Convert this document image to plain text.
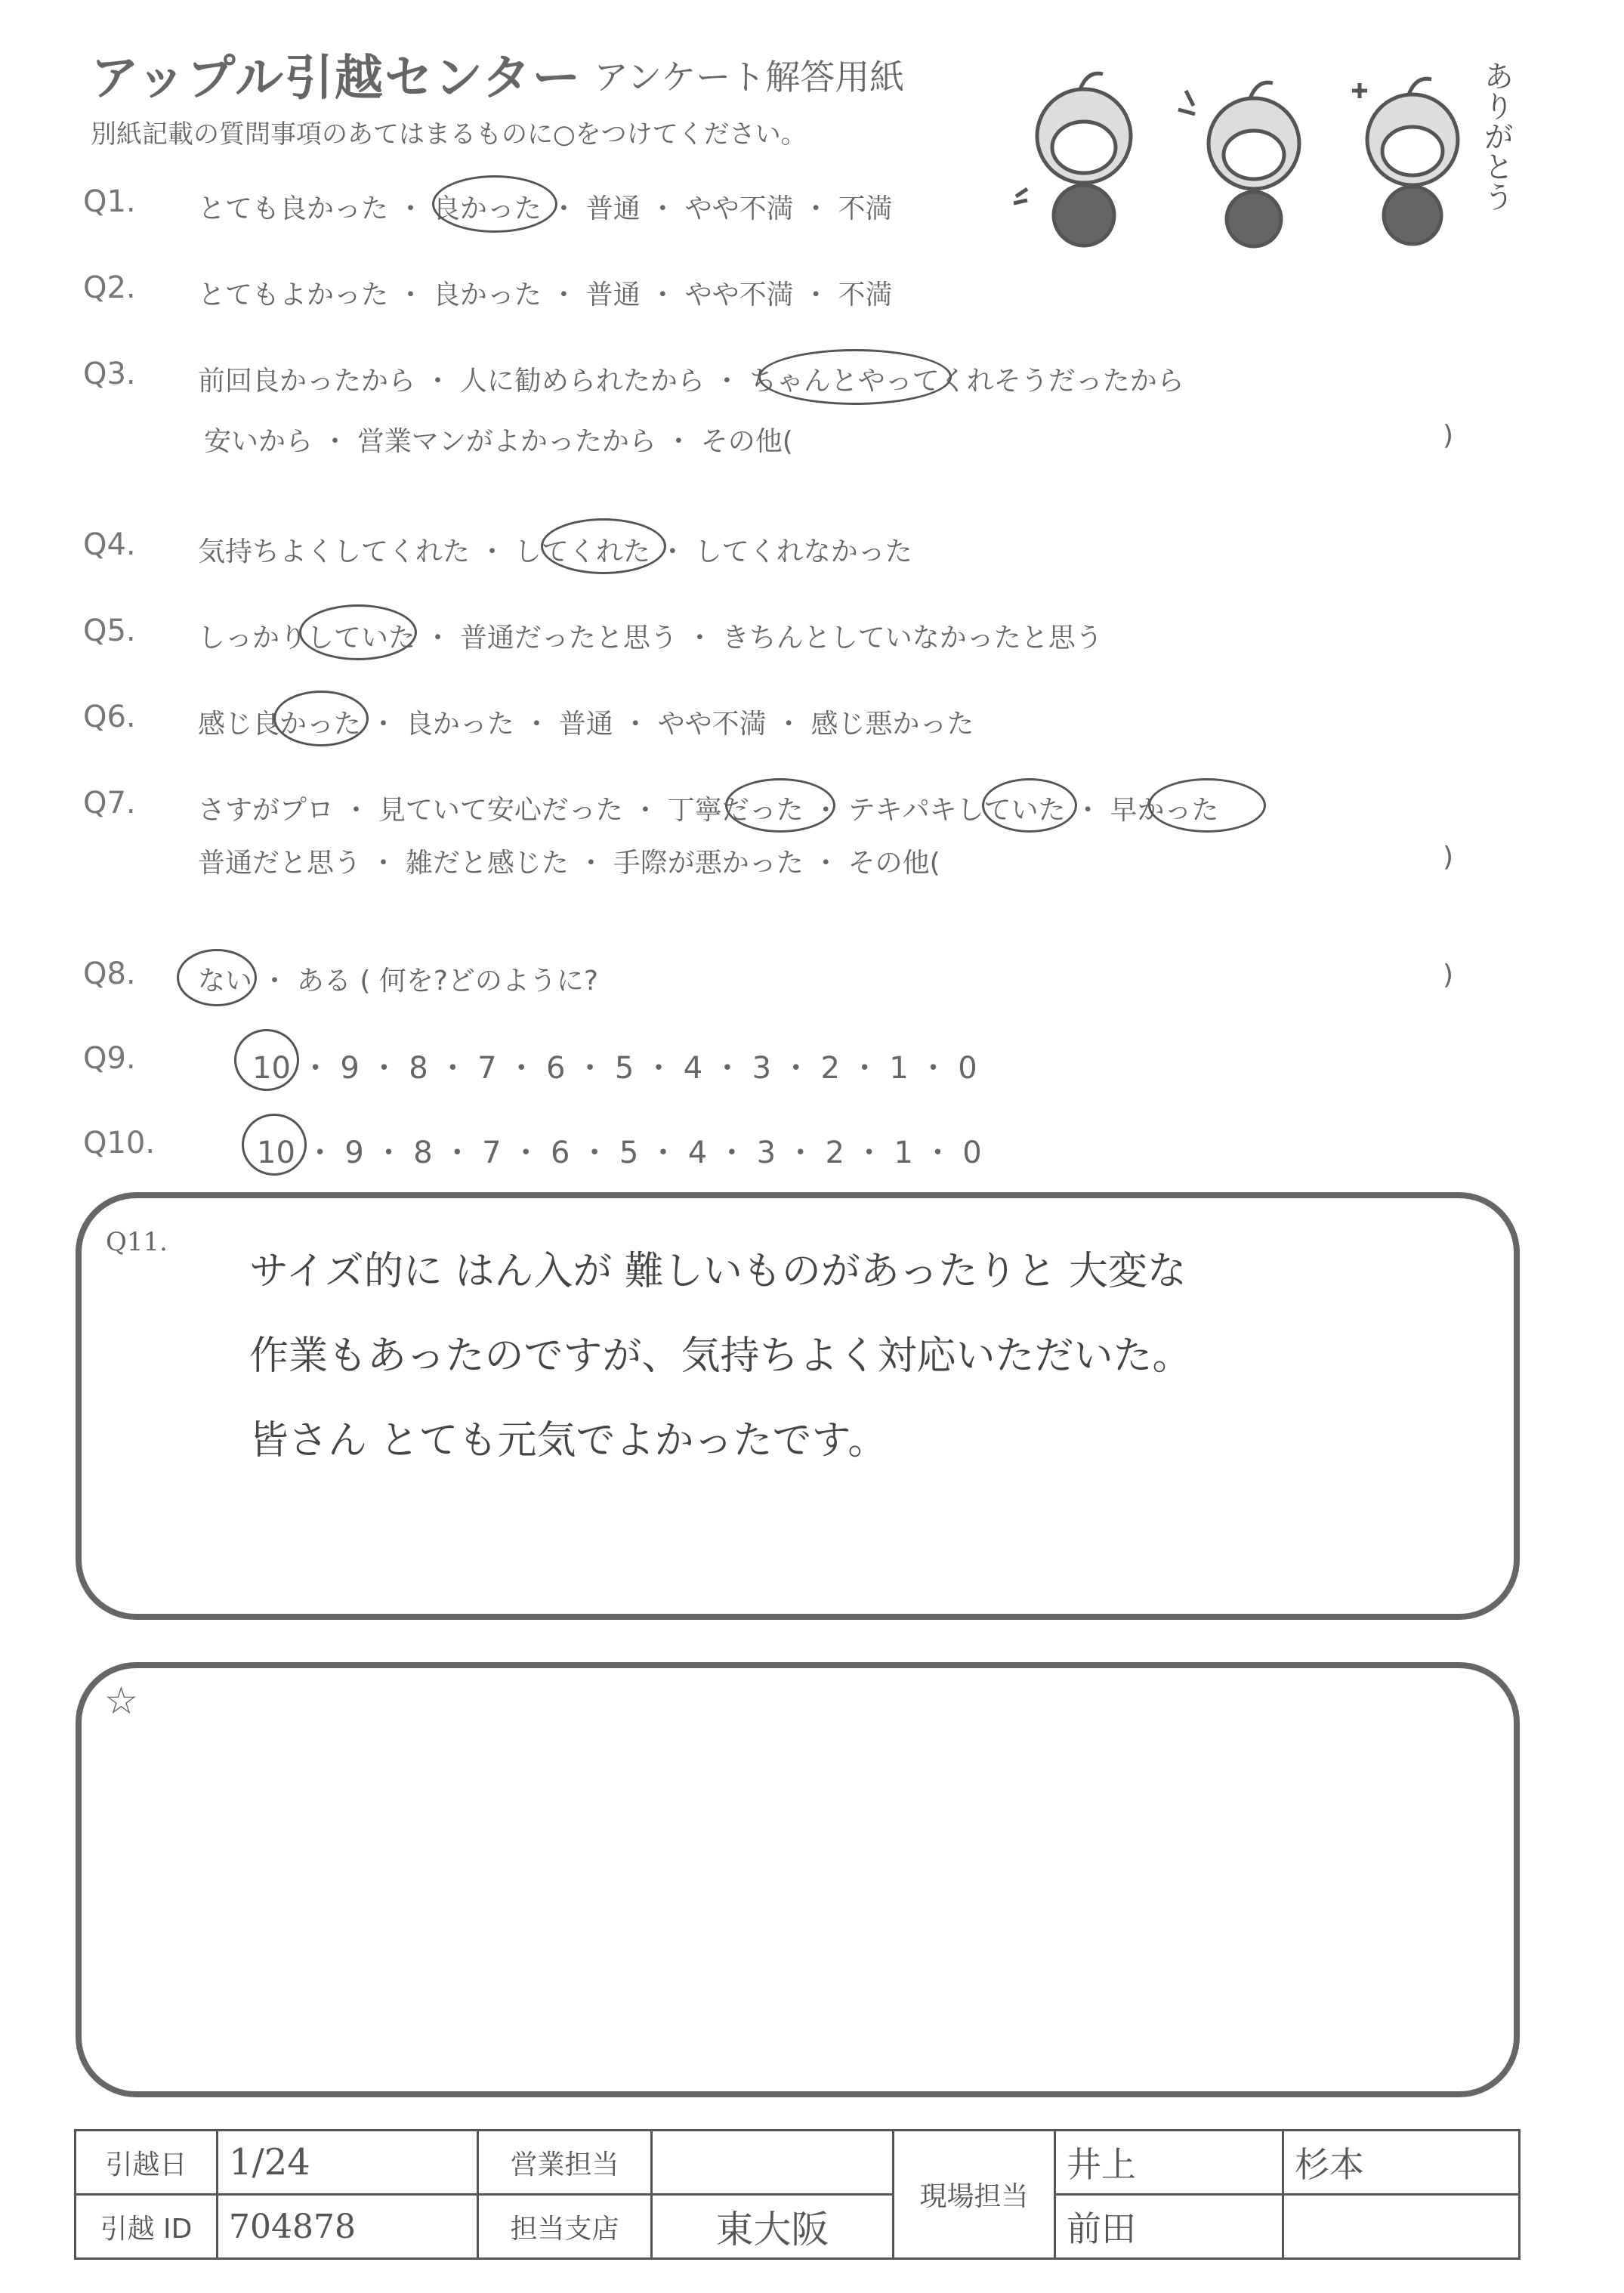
アップル引越センター アンケート解答用紙
別紙記載の質問事項のあてはまるものに○をつけてください。	ありがとう
Q1. とても良かった ・ 良かった ・ 普通 ・ やや不満 ・ 不満
Q2. とてもよかった ・ 良かった ・ 普通 ・ やや不満 ・ 不満
Q3. 前回良かったから ・ 人に勧められたから ・ ちゃんとやってくれそうだったから
安いから ・ 営業マンがよかったから ・ その他(	)
Q4. 気持ちよくしてくれた ・ してくれた ・ してくれなかった
Q5. しっかりしていた ・ 普通だったと思う ・ きちんとしていなかったと思う
Q6. 感じ良かった ・ 良かった ・ 普通 ・ やや不満 ・ 感じ悪かった
Q7. さすがプロ ・ 見ていて安心だった ・ 丁寧だった ・ テキパキしていた ・ 早かった
普通だと思う ・ 雑だと感じた ・ 手際が悪かった ・ その他(	)
Q8. ない ・ ある ( 何を?どのように?	)
Q9.	10 ・ 9 ・ 8 ・ 7 ・ 6 ・ 5 ・ 4 ・ 3 ・ 2 ・ 1 ・ 0
Q10.	10 ・ 9 ・ 8 ・ 7 ・ 6 ・ 5 ・ 4 ・ 3 ・ 2 ・ 1 ・ 0
Q11.
サイズ的に はん入が 難しいものがあったりと 大変な
作業もあったのですが、気持ちよく対応いただいた。
皆さん とても元気でよかったです。
☆
引越日	1/24	営業担当		現場担当	井上	杉本
引越 ID	704878	担当支店	東大阪		前田	
